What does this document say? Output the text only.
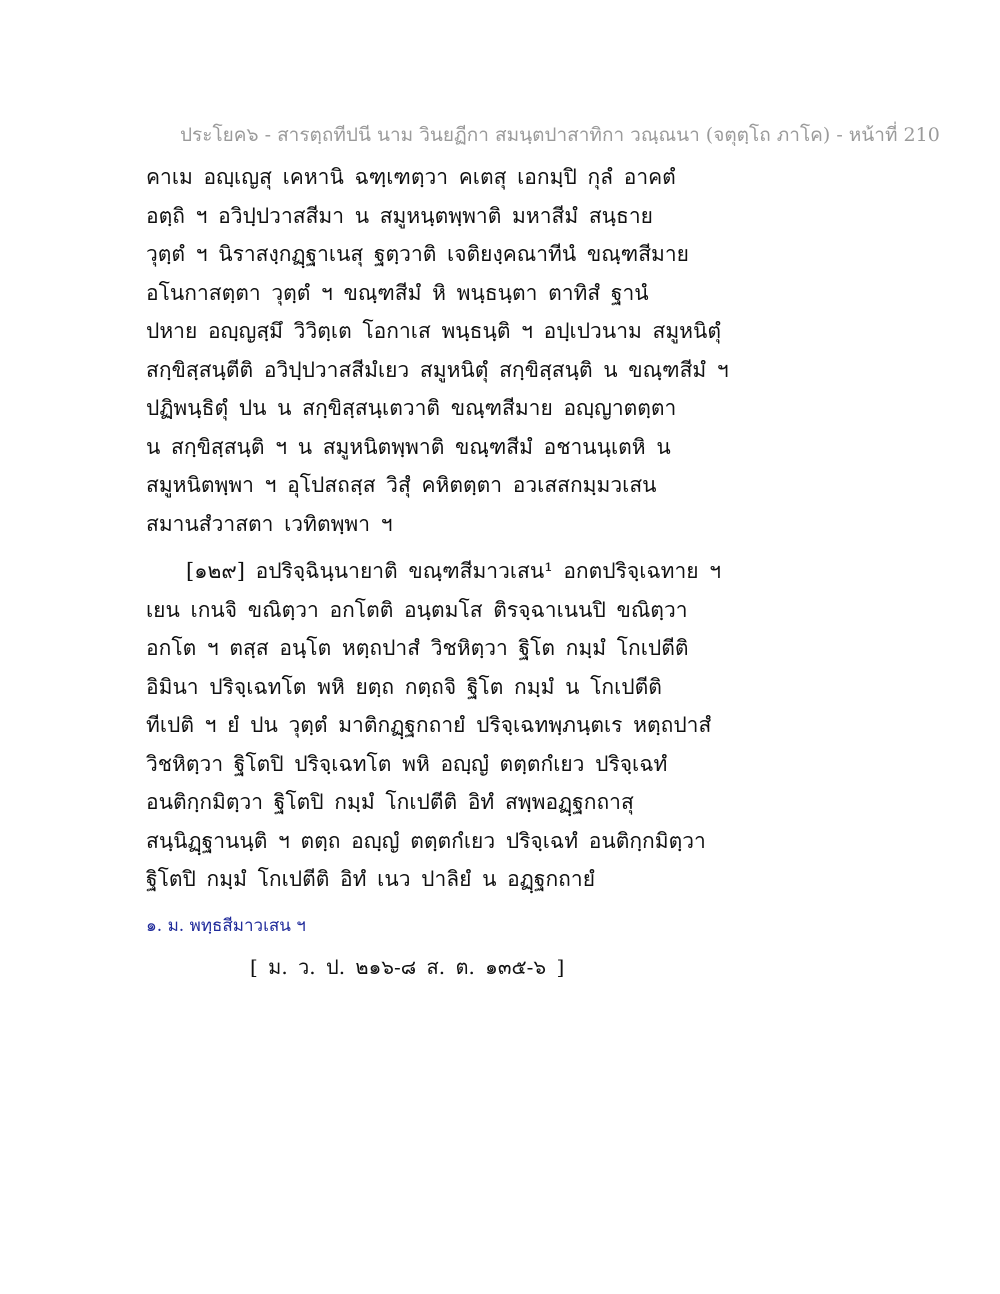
ประโยค๖ - สารตฺถทีปนี นาม วินยฏีกา สมนฺตปาสาทิกา วณฺณนา (จตุตฺโถ ภาโค) - หน้าที่ 210
คาเม อญฺเญสุ เคหานิ ฉฑฺเฑตฺวา คเตสุ เอกมฺปิ กุลํ อาคตํ
อตฺถิ ฯ อวิปฺปวาสสีมา น สมูหนฺตพฺพาติ มหาสีมํ สนฺธาย
วุตฺตํ ฯ นิราสงฺกฏฺฐาเนสุ ฐตฺวาติ เจติยงฺคณาทีนํ ขณฺฑสีมาย
อโนกาสตฺตา วุตฺตํ ฯ ขณฺฑสีมํ หิ พนฺธนฺตา ตาทิสํ ฐานํ
ปหาย อญฺญสฺมึ วิวิตฺเต โอกาเส พนฺธนฺติ ฯ อปฺเปวนาม สมูหนิตุํ
สกฺขิสฺสนฺตีติ อวิปฺปวาสสีมํเยว สมูหนิตุํ สกฺขิสฺสนฺติ น ขณฺฑสีมํ ฯ
ปฏิพนฺธิตุํ ปน น สกฺขิสฺสนฺเตวาติ ขณฺฑสีมาย อญฺญาตตฺตา
น สกฺขิสฺสนฺติ ฯ น สมูหนิตพฺพาติ ขณฺฑสีมํ อชานนฺเตหิ น
สมูหนิตพฺพา ฯ อุโปสถสฺส วิสุํ คหิตตฺตา อวเสสกมฺมวเสน
สมานสํวาสตา เวทิตพฺพา ฯ
[๑๒๙] อปริจฺฉินฺนายาติ ขณฺฑสีมาวเสน¹ อกตปริจฺเฉทาย ฯ
เยน เกนจิ ขณิตฺวา อกโตติ อนฺตมโส ติรจฺฉาเนนปิ ขณิตฺวา
อกโต ฯ ตสฺส อนฺโต หตฺถปาสํ วิชหิตฺวา ฐิโต กมฺมํ โกเปตีติ
อิมินา ปริจฺเฉทโต พหิ ยตฺถ กตฺถจิ ฐิโต กมฺมํ น โกเปตีติ
ทีเปติ ฯ ยํ ปน วุตฺตํ มาติกฏฺฐกถายํ ปริจฺเฉทพฺภนฺตเร หตฺถปาสํ
วิชหิตฺวา ฐิโตปิ ปริจฺเฉทโต พหิ อญฺญํ ตตฺตกํเยว ปริจฺเฉทํ
อนติกฺกมิตฺวา ฐิโตปิ กมฺมํ โกเปตีติ อิทํ สพฺพอฏฺฐกถาสุ
สนฺนิฏฺฐานนฺติ ฯ ตตฺถ อญฺญํ ตตฺตกํเยว ปริจฺเฉทํ อนติกฺกมิตฺวา
ฐิโตปิ กมฺมํ โกเปตีติ อิทํ เนว ปาลิยํ น อฏฺฐกถายํ
๑. ม. พทฺธสีมาวเสน ฯ
[ ม. ว. ป. ๒๑๖-๘ ส. ต. ๑๓๕-๖ ]
